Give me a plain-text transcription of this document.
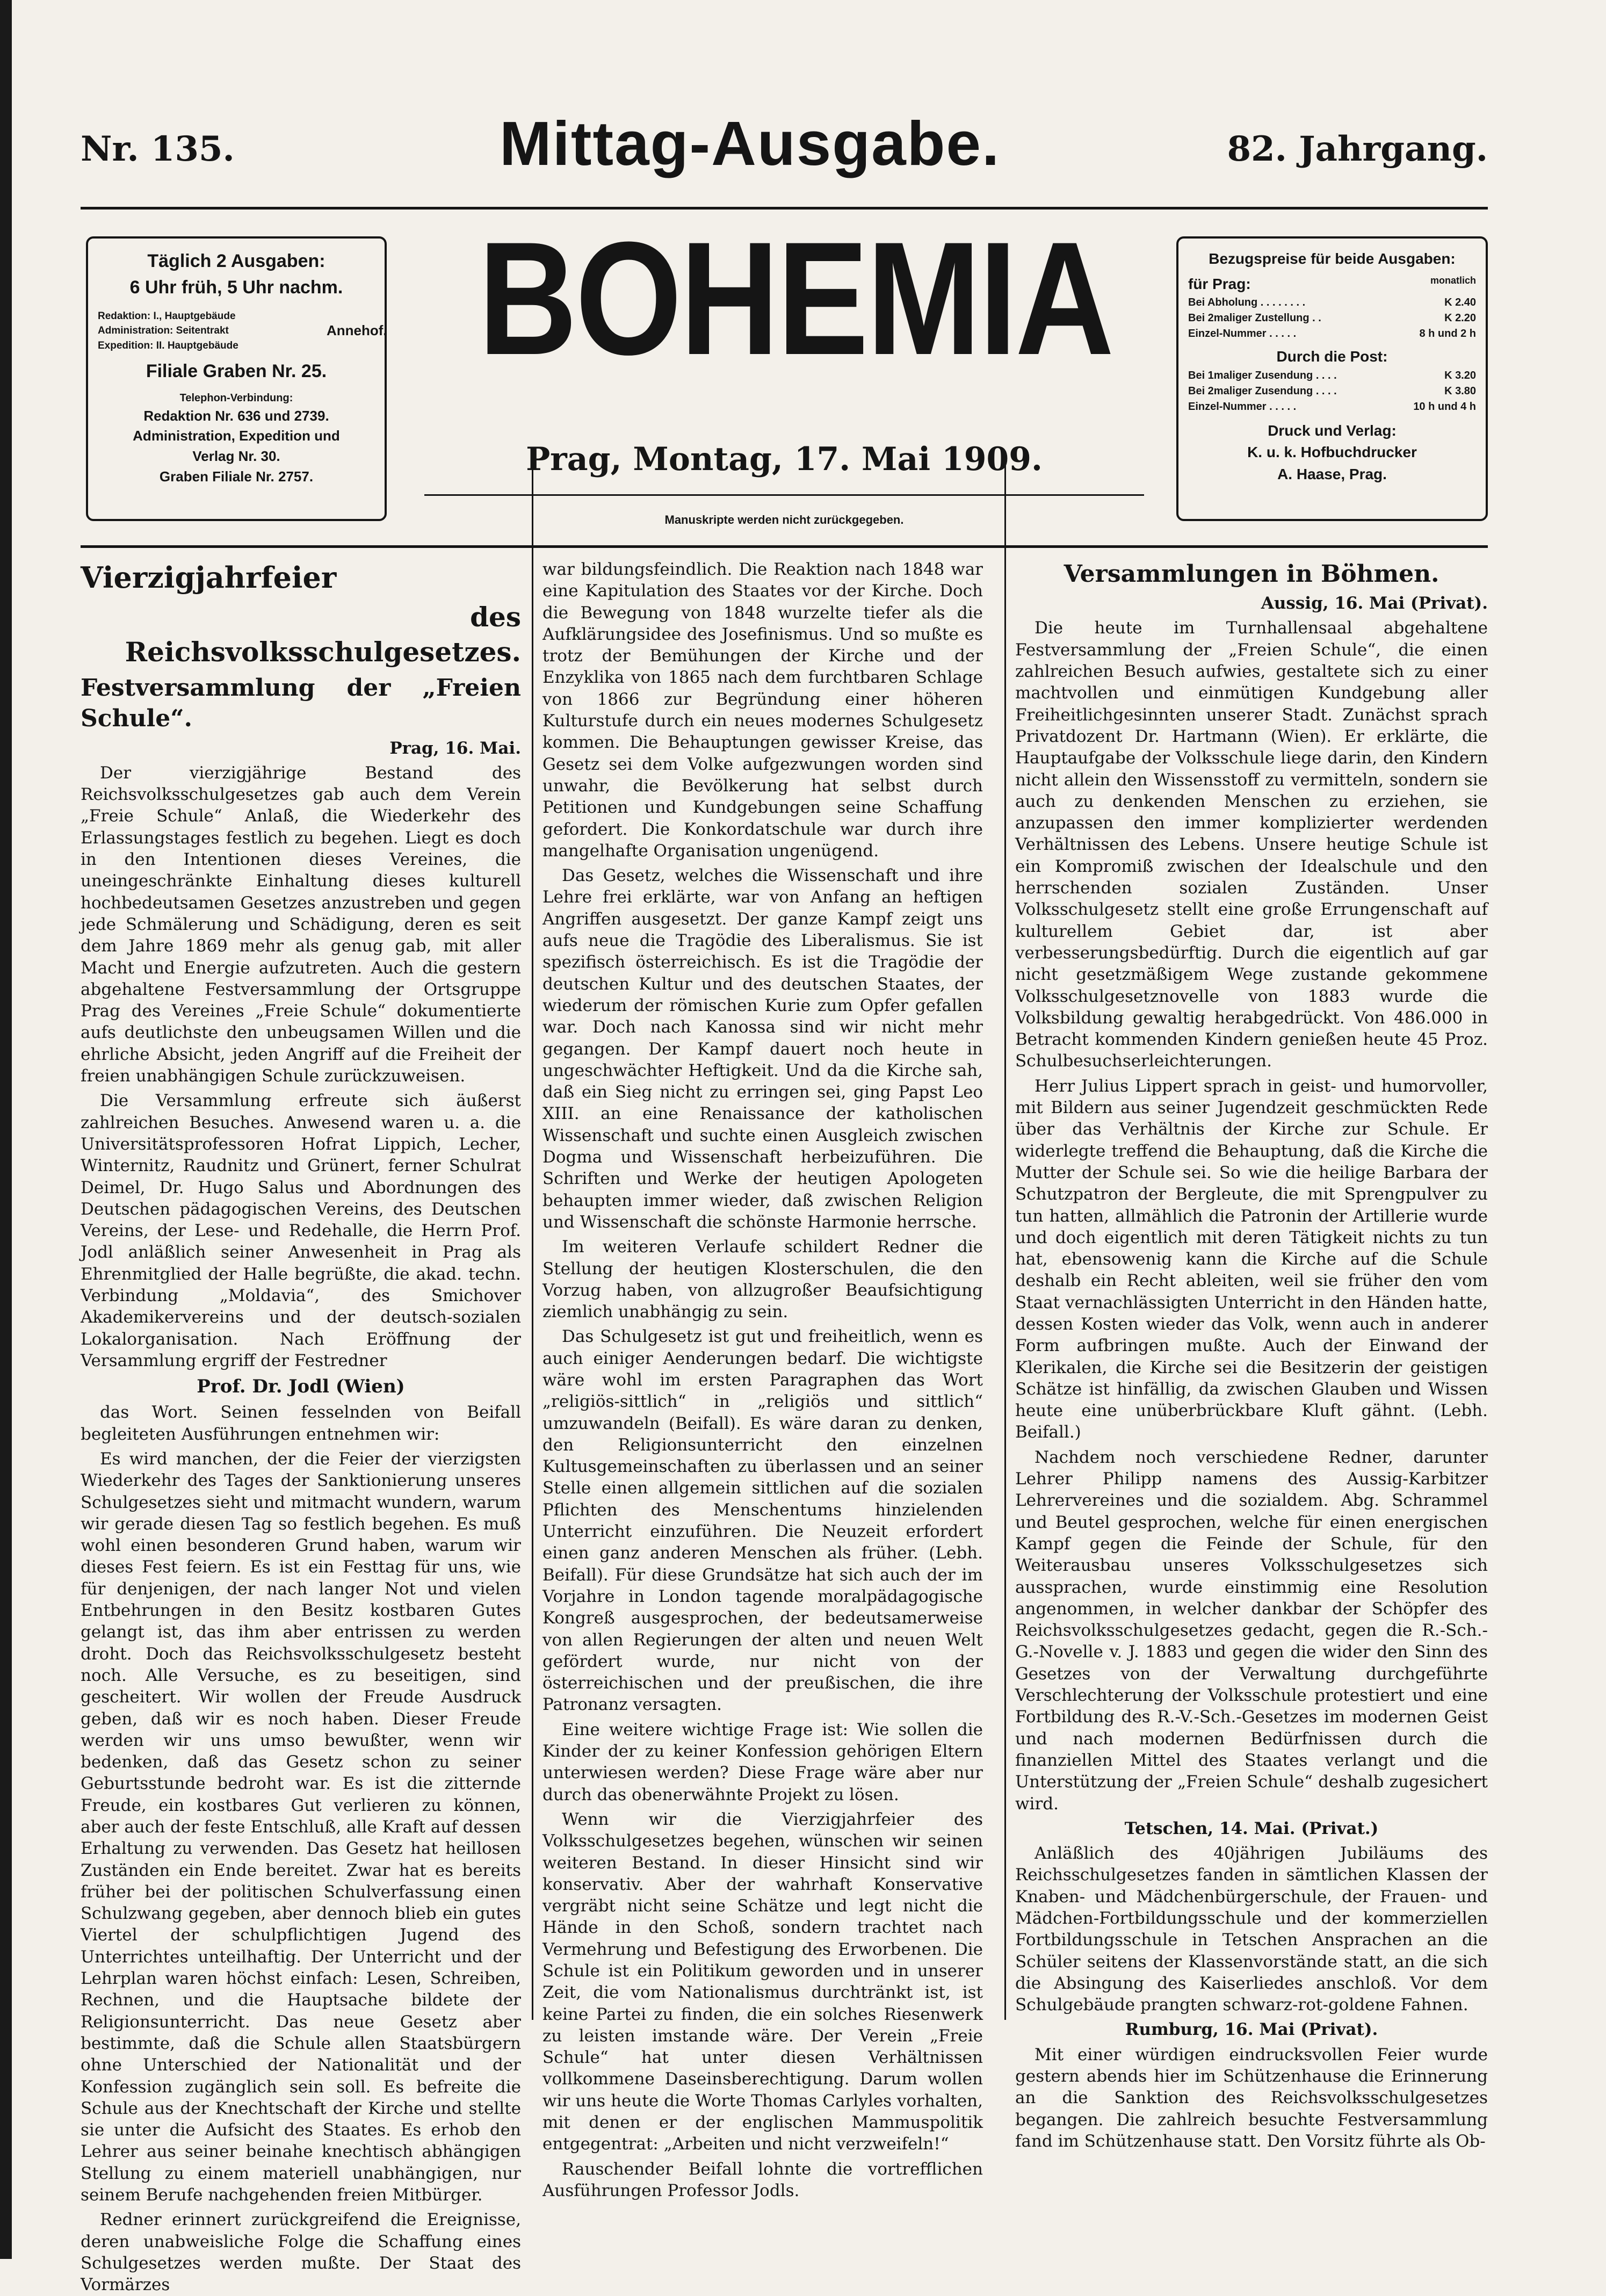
Nr. 135.	Mittag-Ausgabe.	82. Jahrgang.
Täglich 2 Ausgaben:
6 Uhr früh, 5 Uhr nachm.
Redaktion: I., Hauptgebäude
Administration: Seitentrakt
Expedition: II. Hauptgebäude
Annehof.
Filiale Graben Nr. 25.
Telephon-Verbindung:
Redaktion Nr. 636 und 2739.
Administration, Expedition und
Verlag Nr. 30.
Graben Filiale Nr. 2757.
BOHEMIA
Prag, Montag, 17. Mai 1909.
Manuskripte werden nicht zurückgegeben.
Bezugspreise für beide Ausgaben:
für Prag:	monatlich
Bei Abholung . . . . . . . .	K 2.40
Bei 2maliger Zustellung . .	K 2.20
Einzel-Nummer . . . . .	8 h und 2 h
Durch die Post:
Bei 1maliger Zusendung . . . .	K 3.20
Bei 2maliger Zusendung . . . .	K 3.80
Einzel-Nummer . . . . .	10 h und 4 h
Druck und Verlag:
K. u. k. Hofbuchdrucker
A. Haase, Prag.

Vierzigjahrfeier

des Reichsvolksschulgesetzes.

Festversammlung der „Freien Schule“.

Prag, 16. Mai.

Der vierzigjährige Bestand des Reichsvolksschulgesetzes gab auch dem Verein „Freie Schule“ Anlaß, die Wiederkehr des Erlassungstages festlich zu begehen. Liegt es doch in den Intentionen dieses Vereines, die uneingeschränkte Einhaltung dieses kulturell hochbedeutsamen Gesetzes anzustreben und gegen jede Schmälerung und Schädigung, deren es seit dem Jahre 1869 mehr als genug gab, mit aller Macht und Energie aufzutreten. Auch die gestern abgehaltene Festversammlung der Ortsgruppe Prag des Vereines „Freie Schule“ dokumentierte aufs deutlichste den unbeugsamen Willen und die ehrliche Absicht, jeden Angriff auf die Freiheit der freien unabhängigen Schule zurückzuweisen.

Die Versammlung erfreute sich äußerst zahlreichen Besuches. Anwesend waren u. a. die Universitätsprofessoren Hofrat Lippich, Lecher, Winternitz, Raudnitz und Grünert, ferner Schulrat Deimel, Dr. Hugo Salus und Abordnungen des Deutschen pädagogischen Vereins, des Deutschen Vereins, der Lese- und Redehalle, die Herrn Prof. Jodl anläßlich seiner Anwesenheit in Prag als Ehrenmitglied der Halle begrüßte, die akad. techn. Verbindung „Moldavia“, des Smichover Akademikervereins und der deutsch-sozialen Lokalorganisation. Nach Eröffnung der Versammlung ergriff der Festredner

Prof. Dr. Jodl (Wien)

das Wort. Seinen fesselnden von Beifall begleiteten Ausführungen entnehmen wir:

Es wird manchen, der die Feier der vierzigsten Wiederkehr des Tages der Sanktionierung unseres Schulgesetzes sieht und mitmacht wundern, warum wir gerade diesen Tag so festlich begehen. Es muß wohl einen besonderen Grund haben, warum wir dieses Fest feiern. Es ist ein Festtag für uns, wie für denjenigen, der nach langer Not und vielen Entbehrungen in den Besitz kostbaren Gutes gelangt ist, das ihm aber entrissen zu werden droht. Doch das Reichsvolksschulgesetz besteht noch. Alle Versuche, es zu beseitigen, sind gescheitert. Wir wollen der Freude Ausdruck geben, daß wir es noch haben. Dieser Freude werden wir uns umso bewußter, wenn wir bedenken, daß das Gesetz schon zu seiner Geburtsstunde bedroht war. Es ist die zitternde Freude, ein kostbares Gut verlieren zu können, aber auch der feste Entschluß, alle Kraft auf dessen Erhaltung zu verwenden. Das Gesetz hat heillosen Zuständen ein Ende bereitet. Zwar hat es bereits früher bei der politischen Schulverfassung einen Schulzwang gegeben, aber dennoch blieb ein gutes Viertel der schulpflichtigen Jugend des Unterrichtes unteilhaftig. Der Unterricht und der Lehrplan waren höchst einfach: Lesen, Schreiben, Rechnen, und die Hauptsache bildete der Religionsunterricht. Das neue Gesetz aber bestimmte, daß die Schule allen Staatsbürgern ohne Unterschied der Nationalität und der Konfession zugänglich sein soll. Es befreite die Schule aus der Knechtschaft der Kirche und stellte sie unter die Aufsicht des Staates. Es erhob den Lehrer aus seiner beinahe knechtisch abhängigen Stellung zu einem materiell unabhängigen, nur seinem Berufe nachgehenden freien Mitbürger.

Redner erinnert zurückgreifend die Ereignisse, deren unabweisliche Folge die Schaffung eines Schulgesetzes werden mußte. Der Staat des Vormärzes

war bildungsfeindlich. Die Reaktion nach 1848 war eine Kapitulation des Staates vor der Kirche. Doch die Bewegung von 1848 wurzelte tiefer als die Aufklärungsidee des Josefinismus. Und so mußte es trotz der Bemühungen der Kirche und der Enzyklika von 1865 nach dem furchtbaren Schlage von 1866 zur Begründung einer höheren Kulturstufe durch ein neues modernes Schulgesetz kommen. Die Behauptungen gewisser Kreise, das Gesetz sei dem Volke aufgezwungen worden sind unwahr, die Bevölkerung hat selbst durch Petitionen und Kundgebungen seine Schaffung gefordert. Die Konkordatschule war durch ihre mangelhafte Organisation ungenügend.

Das Gesetz, welches die Wissenschaft und ihre Lehre frei erklärte, war von Anfang an heftigen Angriffen ausgesetzt. Der ganze Kampf zeigt uns aufs neue die Tragödie des Liberalismus. Sie ist spezifisch österreichisch. Es ist die Tragödie der deutschen Kultur und des deutschen Staates, der wiederum der römischen Kurie zum Opfer gefallen war. Doch nach Kanossa sind wir nicht mehr gegangen. Der Kampf dauert noch heute in ungeschwächter Heftigkeit. Und da die Kirche sah, daß ein Sieg nicht zu erringen sei, ging Papst Leo XIII. an eine Renaissance der katholischen Wissenschaft und suchte einen Ausgleich zwischen Dogma und Wissenschaft herbeizuführen. Die Schriften und Werke der heutigen Apologeten behaupten immer wieder, daß zwischen Religion und Wissenschaft die schönste Harmonie herrsche.

Im weiteren Verlaufe schildert Redner die Stellung der heutigen Klosterschulen, die den Vorzug haben, von allzugroßer Beaufsichtigung ziemlich unabhängig zu sein.

Das Schulgesetz ist gut und freiheitlich, wenn es auch einiger Aenderungen bedarf. Die wichtigste wäre wohl im ersten Paragraphen das Wort „religiös-sittlich“ in „religiös und sittlich“ umzuwandeln (Beifall). Es wäre daran zu denken, den Religionsunterricht den einzelnen Kultusgemeinschaften zu überlassen und an seiner Stelle einen allgemein sittlichen auf die sozialen Pflichten des Menschentums hinzielenden Unterricht einzuführen. Die Neuzeit erfordert einen ganz anderen Menschen als früher. (Lebh. Beifall). Für diese Grundsätze hat sich auch der im Vorjahre in London tagende moralpädagogische Kongreß ausgesprochen, der bedeutsamerweise von allen Regierungen der alten und neuen Welt gefördert wurde, nur nicht von der österreichischen und der preußischen, die ihre Patronanz versagten.

Eine weitere wichtige Frage ist: Wie sollen die Kinder der zu keiner Konfession gehörigen Eltern unterwiesen werden? Diese Frage wäre aber nur durch das obenerwähnte Projekt zu lösen.

Wenn wir die Vierzigjahrfeier des Volksschulgesetzes begehen, wünschen wir seinen weiteren Bestand. In dieser Hinsicht sind wir konservativ. Aber der wahrhaft Konservative vergräbt nicht seine Schätze und legt nicht die Hände in den Schoß, sondern trachtet nach Vermehrung und Befestigung des Erworbenen. Die Schule ist ein Politikum geworden und in unserer Zeit, die vom Nationalismus durchtränkt ist, ist keine Partei zu finden, die ein solches Riesenwerk zu leisten imstande wäre. Der Verein „Freie Schule“ hat unter diesen Verhältnissen vollkommene Daseinsberechtigung. Darum wollen wir uns heute die Worte Thomas Carlyles vorhalten, mit denen er der englischen Mammuspolitik entgegentrat: „Arbeiten und nicht verzweifeln!“

Rauschender Beifall lohnte die vortrefflichen Ausführungen Professor Jodls.

Versammlungen in Böhmen.

Aussig, 16. Mai (Privat).

Die heute im Turnhallensaal abgehaltene Festversammlung der „Freien Schule“, die einen zahlreichen Besuch aufwies, gestaltete sich zu einer machtvollen und einmütigen Kundgebung aller Freiheitlichgesinnten unserer Stadt. Zunächst sprach Privatdozent Dr. Hartmann (Wien). Er erklärte, die Hauptaufgabe der Volksschule liege darin, den Kindern nicht allein den Wissensstoff zu vermitteln, sondern sie auch zu denkenden Menschen zu erziehen, sie anzupassen den immer komplizierter werdenden Verhältnissen des Lebens. Unsere heutige Schule ist ein Kompromiß zwischen der Idealschule und den herrschenden sozialen Zuständen. Unser Volksschulgesetz stellt eine große Errungenschaft auf kulturellem Gebiet dar, ist aber verbesserungsbedürftig. Durch die eigentlich auf gar nicht gesetzmäßigem Wege zustande gekommene Volksschulgesetznovelle von 1883 wurde die Volksbildung gewaltig herabgedrückt. Von 486.000 in Betracht kommenden Kindern genießen heute 45 Proz. Schulbesuchserleichterungen.

Herr Julius Lippert sprach in geist- und humorvoller, mit Bildern aus seiner Jugendzeit geschmückten Rede über das Verhältnis der Kirche zur Schule. Er widerlegte treffend die Behauptung, daß die Kirche die Mutter der Schule sei. So wie die heilige Barbara der Schutzpatron der Bergleute, die mit Sprengpulver zu tun hatten, allmählich die Patronin der Artillerie wurde und doch eigentlich mit deren Tätigkeit nichts zu tun hat, ebensowenig kann die Kirche auf die Schule deshalb ein Recht ableiten, weil sie früher den vom Staat vernachlässigten Unterricht in den Händen hatte, dessen Kosten wieder das Volk, wenn auch in anderer Form aufbringen mußte. Auch der Einwand der Klerikalen, die Kirche sei die Besitzerin der geistigen Schätze ist hinfällig, da zwischen Glauben und Wissen heute eine unüberbrückbare Kluft gähnt. (Lebh. Beifall.)

Nachdem noch verschiedene Redner, darunter Lehrer Philipp namens des Aussig-Karbitzer Lehrervereines und die sozialdem. Abg. Schrammel und Beutel gesprochen, welche für einen energischen Kampf gegen die Feinde der Schule, für den Weiterausbau unseres Volksschulgesetzes sich aussprachen, wurde einstimmig eine Resolution angenommen, in welcher dankbar der Schöpfer des Reichsvolksschulgesetzes gedacht, gegen die R.-Sch.-G.-Novelle v. J. 1883 und gegen die wider den Sinn des Gesetzes von der Verwaltung durchgeführte Verschlechterung der Volksschule protestiert und eine Fortbildung des R.-V.-Sch.-Gesetzes im modernen Geist und nach modernen Bedürfnissen durch die finanziellen Mittel des Staates verlangt und die Unterstützung der „Freien Schule“ deshalb zugesichert wird.

Tetschen, 14. Mai. (Privat.)

Anläßlich des 40jährigen Jubiläums des Reichsschulgesetzes fanden in sämtlichen Klassen der Knaben- und Mädchenbürgerschule, der Frauen- und Mädchen-Fortbildungsschule und der kommerziellen Fortbildungsschule in Tetschen Ansprachen an die Schüler seitens der Klassenvorstände statt, an die sich die Absingung des Kaiserliedes anschloß. Vor dem Schulgebäude prangten schwarz-rot-goldene Fahnen.

Rumburg, 16. Mai (Privat).

Mit einer würdigen eindrucksvollen Feier wurde gestern abends hier im Schützenhause die Erinnerung an die Sanktion des Reichsvolksschulgesetzes begangen. Die zahlreich besuchte Festversammlung fand im Schützenhause statt. Den Vorsitz führte als Ob-
